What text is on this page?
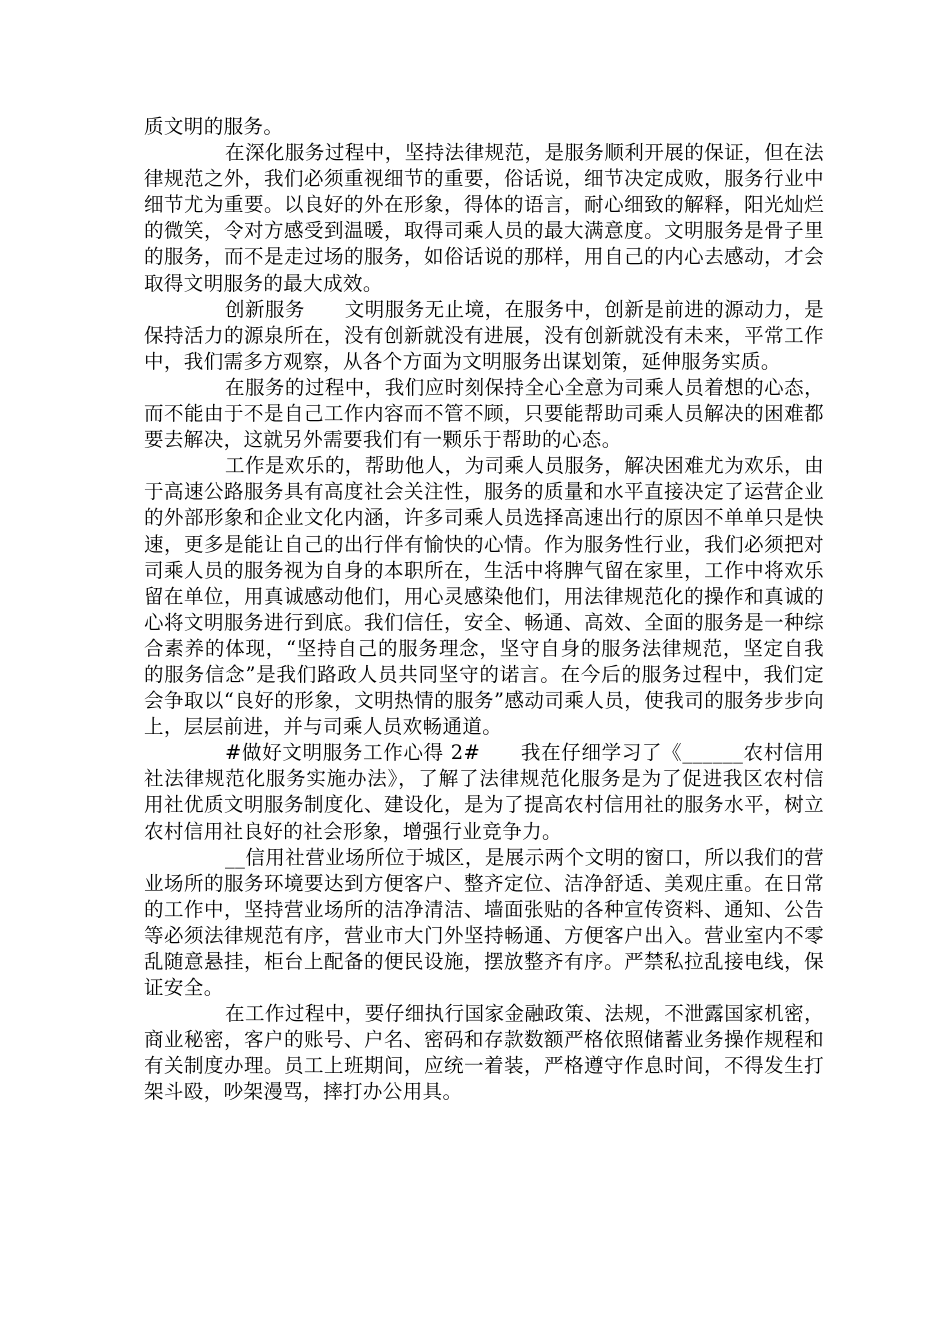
质文明的服务。

在深化服务过程中，坚持法律规范，是服务顺利开展的保证，但在法律规范之外，我们必须重视细节的重要，俗话说，细节决定成败，服务行业中细节尤为重要。以良好的外在形象，得体的语言，耐心细致的解释，阳光灿烂的微笑，令对方感受到温暖，取得司乘人员的最大满意度。文明服务是骨子里的服务，而不是走过场的服务，如俗话说的那样，用自己的内心去感动，才会取得文明服务的最大成效。

创新服务　　文明服务无止境，在服务中，创新是前进的源动力，是保持活力的源泉所在，没有创新就没有进展，没有创新就没有未来，平常工作中，我们需多方观察，从各个方面为文明服务出谋划策，延伸服务实质。

在服务的过程中，我们应时刻保持全心全意为司乘人员着想的心态，而不能由于不是自己工作内容而不管不顾，只要能帮助司乘人员解决的困难都要去解决，这就另外需要我们有一颗乐于帮助的心态。

工作是欢乐的，帮助他人，为司乘人员服务，解决困难尤为欢乐，由于高速公路服务具有高度社会关注性，服务的质量和水平直接决定了运营企业的外部形象和企业文化内涵，许多司乘人员选择高速出行的原因不单单只是快速，更多是能让自己的出行伴有愉快的心情。作为服务性行业，我们必须把对司乘人员的服务视为自身的本职所在，生活中将脾气留在家里，工作中将欢乐留在单位，用真诚感动他们，用心灵感染他们，用法律规范化的操作和真诚的心将文明服务进行到底。我们信任，安全、畅通、高效、全面的服务是一种综合素养的体现，“坚持自己的服务理念，坚守自身的服务法律规范，坚定自我的服务信念”是我们路政人员共同坚守的诺言。在今后的服务过程中，我们定会争取以“良好的形象，文明热情的服务”感动司乘人员，使我司的服务步步向上，层层前进，并与司乘人员欢畅通道。

#做好文明服务工作心得 2#　　我在仔细学习了《______农村信用社法律规范化服务实施办法》，了解了法律规范化服务是为了促进我区农村信用社优质文明服务制度化、建设化，是为了提高农村信用社的服务水平，树立农村信用社良好的社会形象，增强行业竞争力。

__信用社营业场所位于城区，是展示两个文明的窗口，所以我们的营业场所的服务环境要达到方便客户、整齐定位、洁净舒适、美观庄重。在日常的工作中，坚持营业场所的洁净清洁、墙面张贴的各种宣传资料、通知、公告等必须法律规范有序，营业市大门外坚持畅通、方便客户出入。营业室内不零乱随意悬挂，柜台上配备的便民设施，摆放整齐有序。严禁私拉乱接电线，保证安全。

在工作过程中，要仔细执行国家金融政策、法规，不泄露国家机密，商业秘密，客户的账号、户名、密码和存款数额严格依照储蓄业务操作规程和有关制度办理。员工上班期间，应统一着装，严格遵守作息时间，不得发生打架斗殴，吵架漫骂，摔打办公用具。
